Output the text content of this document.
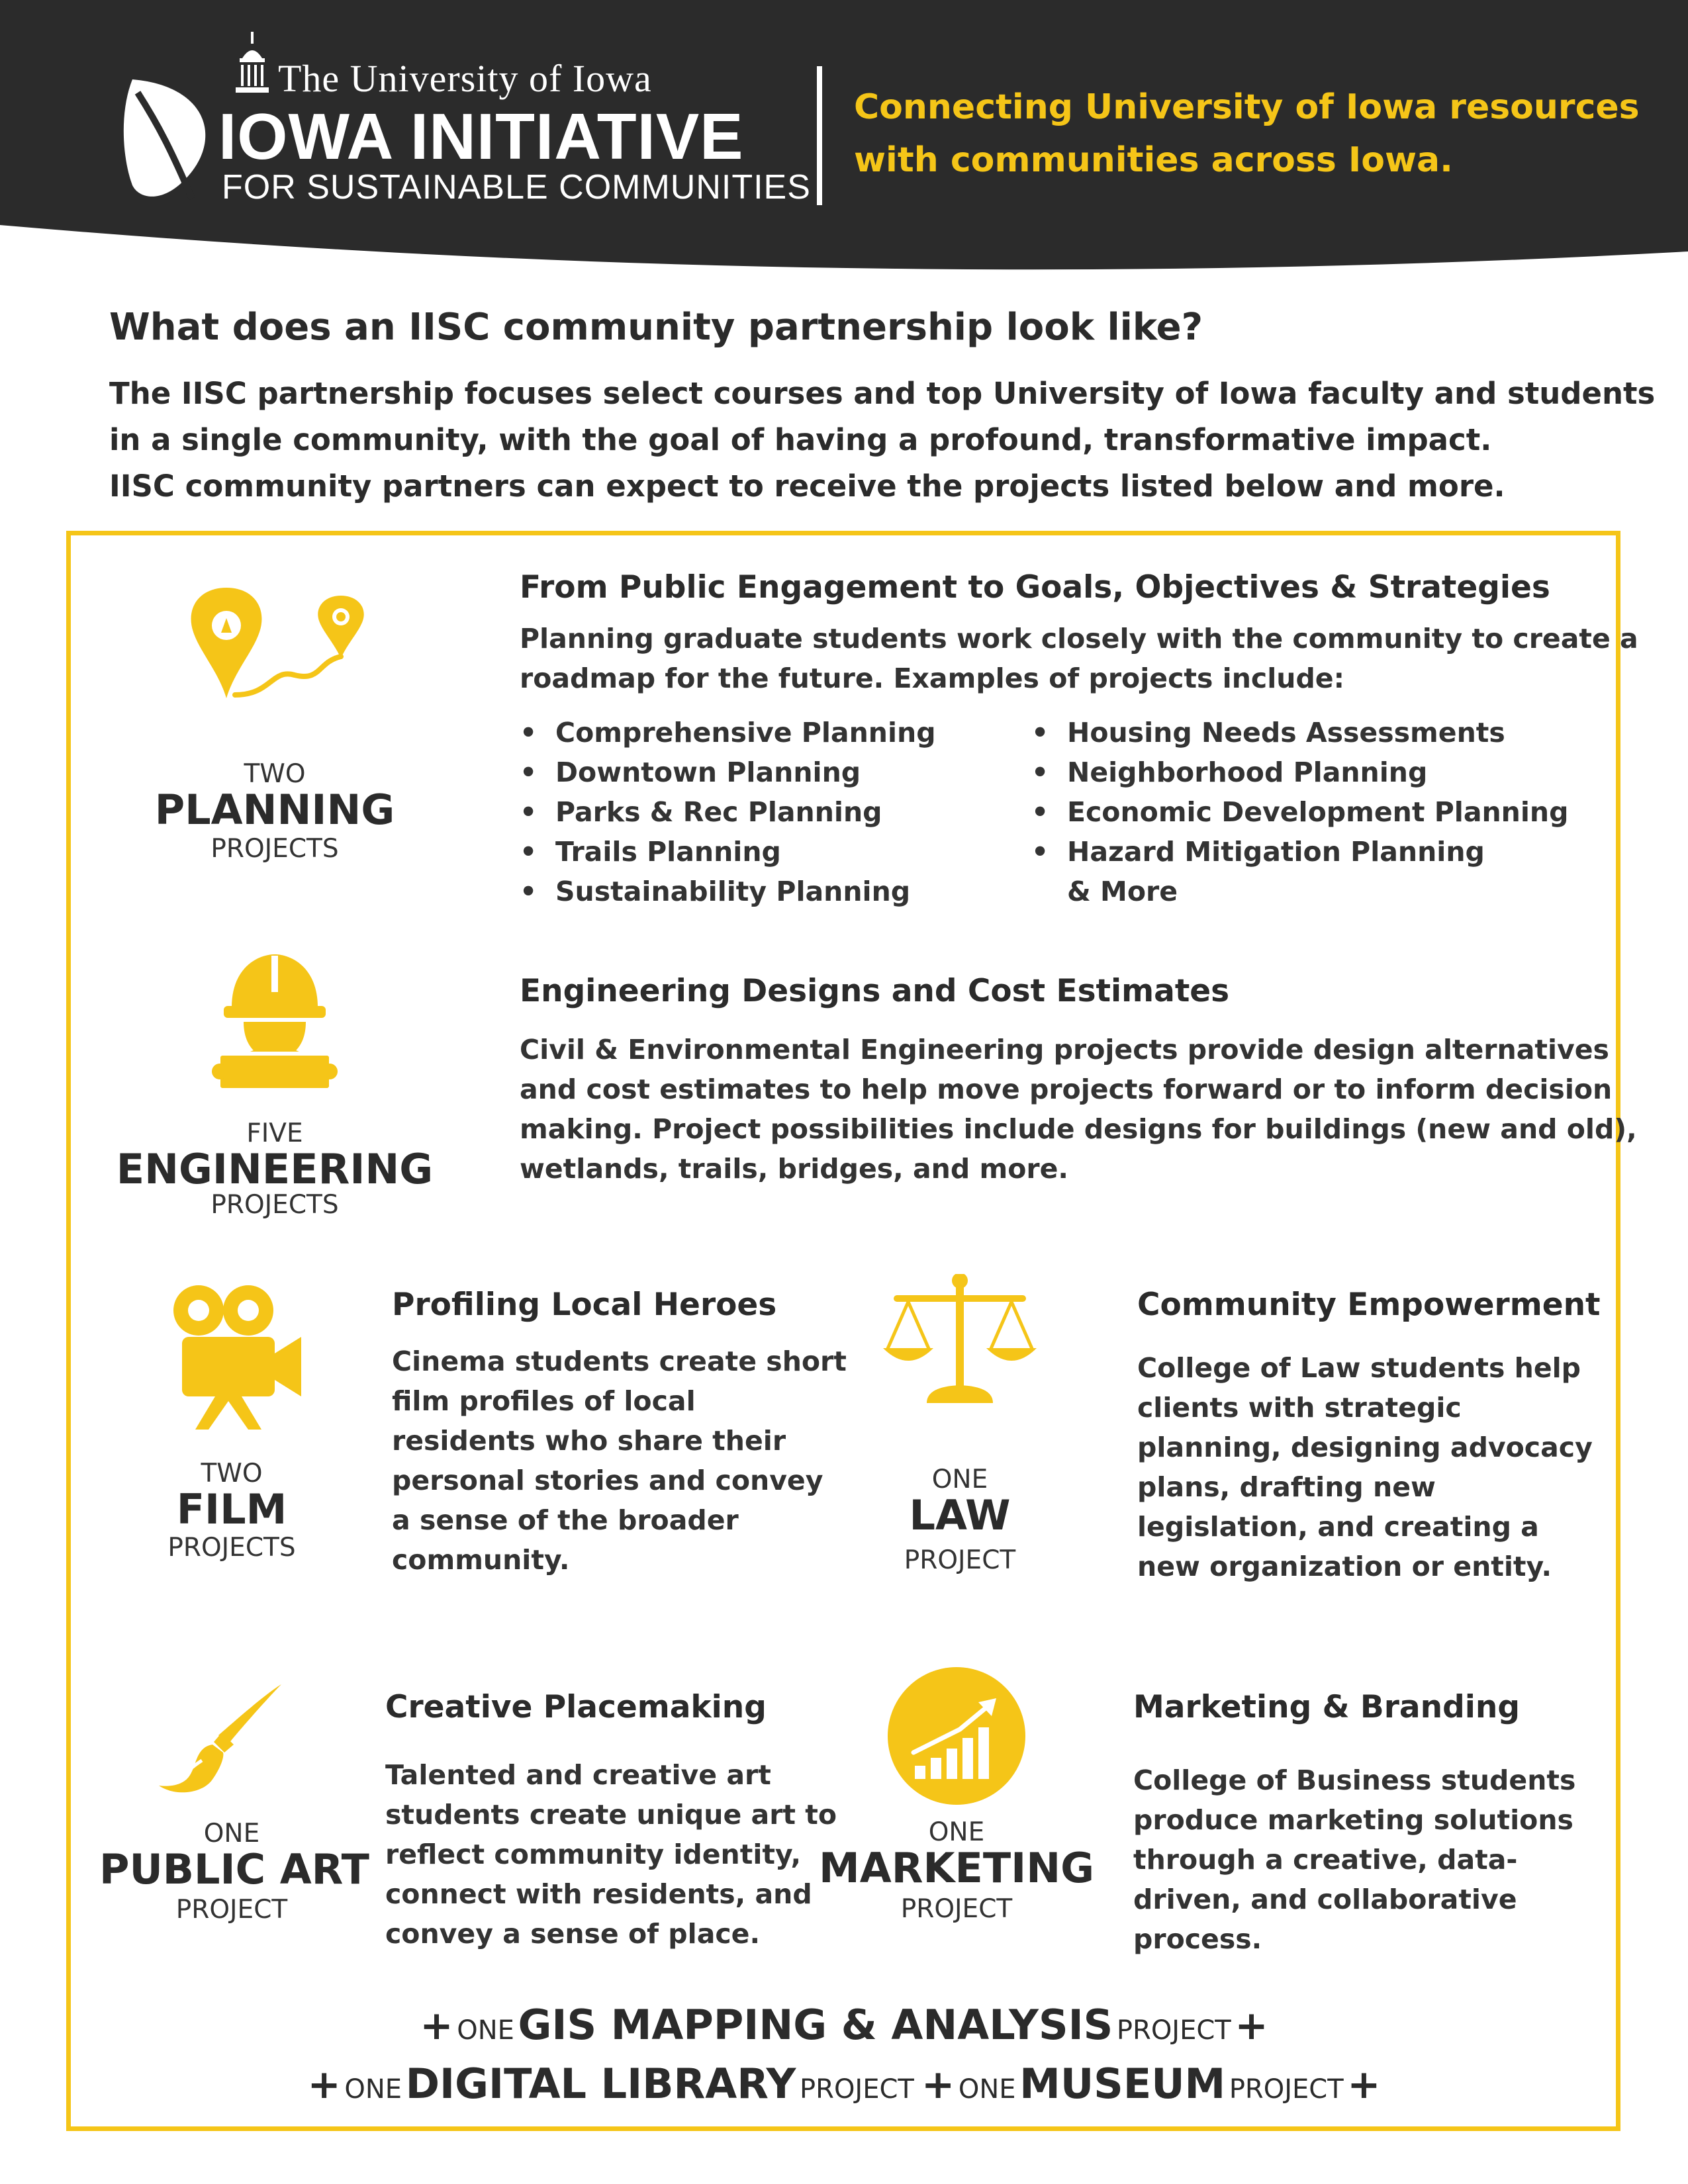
The University of Iowa
IOWA INITIATIVE
FOR SUSTAINABLE COMMUNITIES
Connecting University of Iowa resources
with communities across Iowa.
What does an IISC community partnership look like?
The IISC partnership focuses select courses and top University of Iowa faculty and students
in a single community, with the goal of having a profound, transformative impact.
IISC community partners can expect to receive the projects listed below and more.
TWO
PLANNING
PROJECTS
From Public Engagement to Goals, Objectives & Strategies
Planning graduate students work closely with the community to create a
roadmap for the future. Examples of projects include:
• Comprehensive Planning
• Downtown Planning
• Parks & Rec Planning
• Trails Planning
• Sustainability Planning
• Housing Needs Assessments
• Neighborhood Planning
• Economic Development Planning
• Hazard Mitigation Planning
& More
FIVE
ENGINEERING
PROJECTS
Engineering Designs and Cost Estimates
Civil & Environmental Engineering projects provide design alternatives
and cost estimates to help move projects forward or to inform decision
making. Project possibilities include designs for buildings (new and old),
wetlands, trails, bridges, and more.
TWO
FILM
PROJECTS
Profiling Local Heroes
Cinema students create short
film profiles of local
residents who share their
personal stories and convey
a sense of the broader
community.
ONE
LAW
PROJECT
Community Empowerment
College of Law students help
clients with strategic
planning, designing advocacy
plans, drafting new
legislation, and creating a
new organization or entity.
ONE
PUBLIC ART
PROJECT
Creative Placemaking
Talented and creative art
students create unique art to
reflect community identity,
connect with residents, and
convey a sense of place.
ONE
MARKETING
PROJECT
Marketing & Branding
College of Business students
produce marketing solutions
through a creative, data-
driven, and collaborative
process.
+ ONE GIS MAPPING & ANALYSIS PROJECT +
+ ONE DIGITAL LIBRARY PROJECT + ONE MUSEUM PROJECT +
